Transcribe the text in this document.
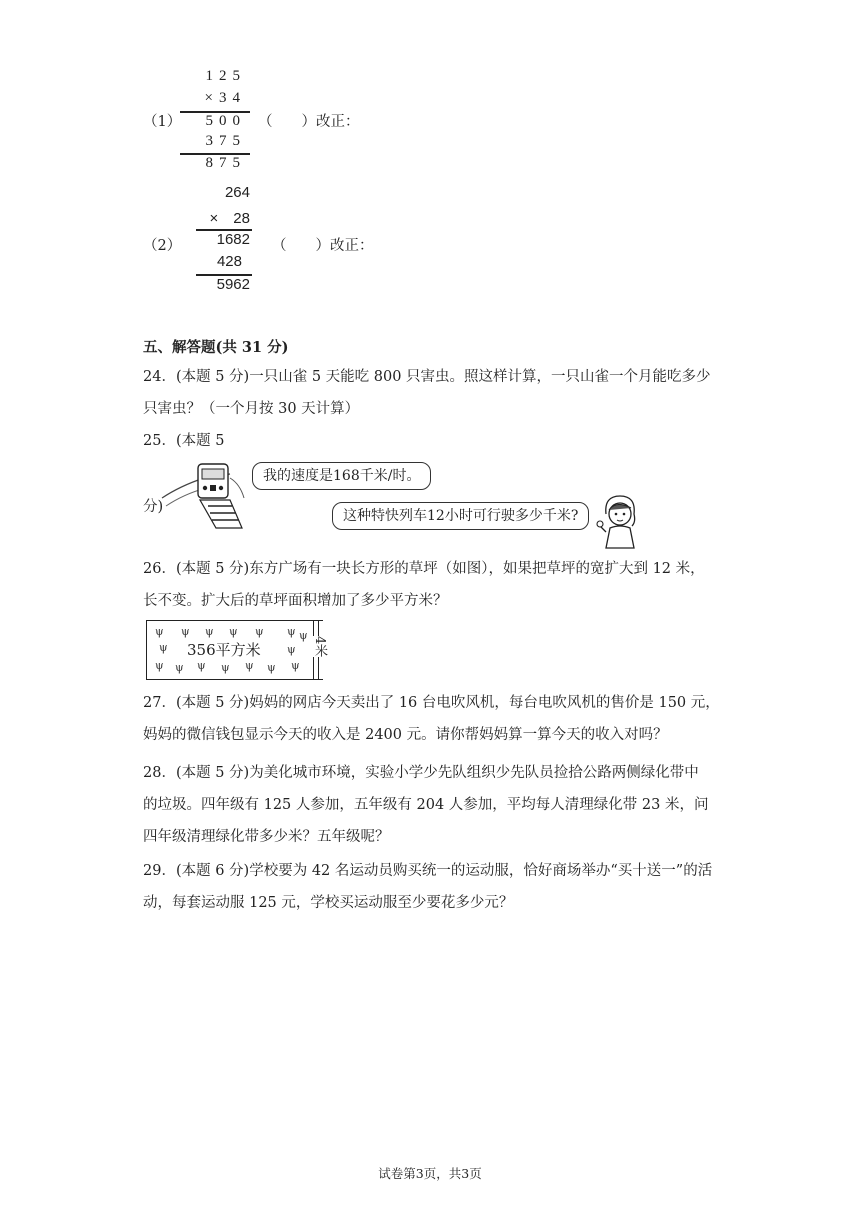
（1）
125
×34
500
375
875
（　　）改正：
（2）
264
×　28
1682
428
5962
（　　）改正：
五、解答题(共 31 分)
24．(本题 5 分)一只山雀 5 天能吃 800 只害虫。照这样计算，一只山雀一个月能吃多少
只害虫？（一个月按 30 天计算）
25．(本题 5
分)
我的速度是168千米/时。
这种特快列车12小时可行驶多少千米?
26．(本题 5 分)东方广场有一块长方形的草坪（如图），如果把草坪的宽扩大到 12 米，
长不变。扩大后的草坪面积增加了多少平方米？
ψ ψ ψ ψ ψ ψ ψ
ψ	ψ
ψ ψ ψ ψ ψ ψ ψ
356平方米	4米
27．(本题 5 分)妈妈的网店今天卖出了 16 台电吹风机，每台电吹风机的售价是 150 元，
妈妈的微信钱包显示今天的收入是 2400 元。请你帮妈妈算一算今天的收入对吗？
28．(本题 5 分)为美化城市环境，实验小学少先队组织少先队员捡拾公路两侧绿化带中
的垃圾。四年级有 125 人参加，五年级有 204 人参加，平均每人清理绿化带 23 米，问
四年级清理绿化带多少米？五年级呢？
29．(本题 6 分)学校要为 42 名运动员购买统一的运动服，恰好商场举办“买十送一”的活
动，每套运动服 125 元，学校买运动服至少要花多少元？
试卷第3页，共3页
